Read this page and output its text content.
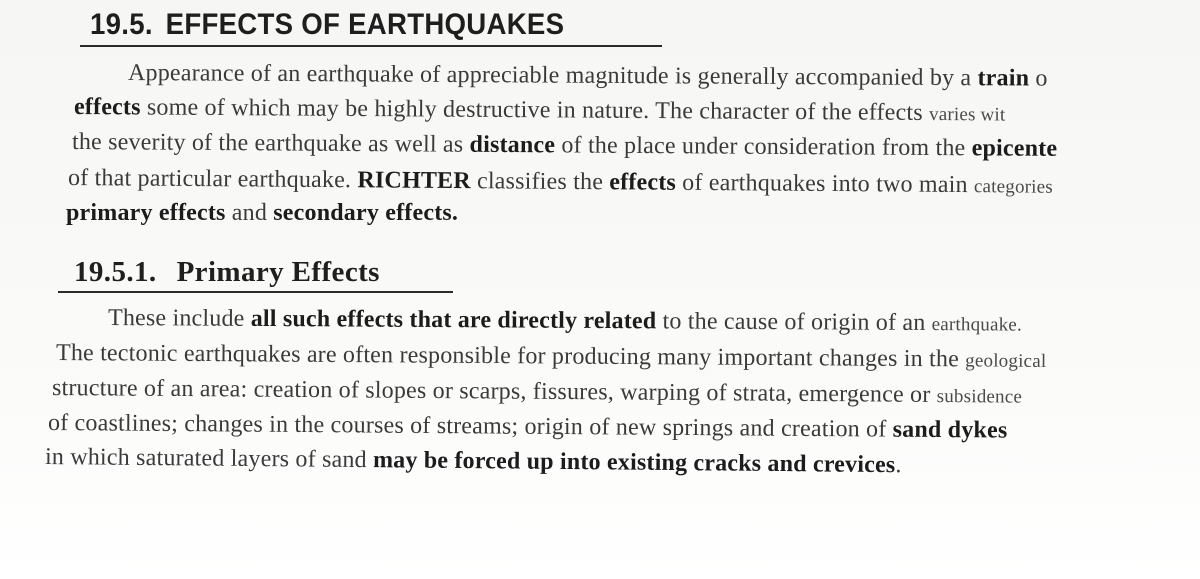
19.5. EFFECTS OF EARTHQUAKES
Appearance of an earthquake of appreciable magnitude is generally accompanied by a train o
effects some of which may be highly destructive in nature. The character of the effects varies wit
the severity of the earthquake as well as distance of the place under consideration from the epicente
of that particular earthquake. RICHTER classifies the effects of earthquakes into two main categories
primary effects and secondary effects.
19.5.1. Primary Effects
These include all such effects that are directly related to the cause of origin of an earthquake.
The tectonic earthquakes are often responsible for producing many important changes in the geological
structure of an area: creation of slopes or scarps, fissures, warping of strata, emergence or subsidence
of coastlines; changes in the courses of streams; origin of new springs and creation of sand dykes
in which saturated layers of sand may be forced up into existing cracks and crevices.
